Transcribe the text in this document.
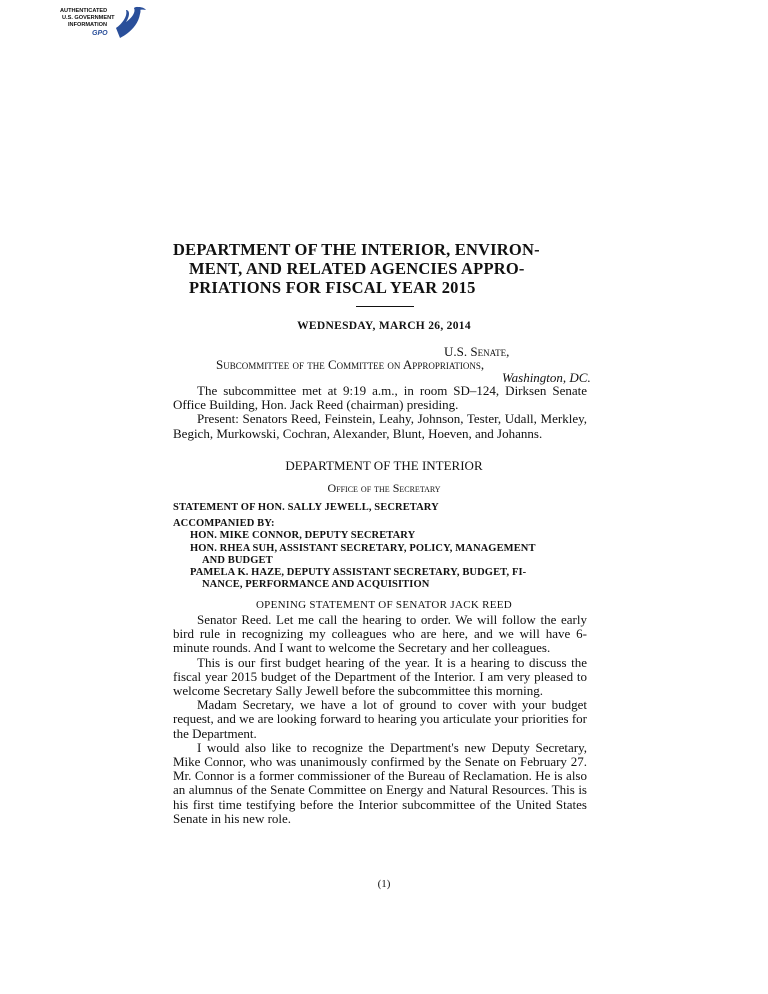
AUTHENTICATED
U.S. GOVERNMENT
INFORMATION
GPO
DEPARTMENT OF THE INTERIOR, ENVIRON-
MENT, AND RELATED AGENCIES APPRO-
PRIATIONS FOR FISCAL YEAR 2015
WEDNESDAY, MARCH 26, 2014
U.S. Senate,
Subcommittee of the Committee on Appropriations,
Washington, DC.
The subcommittee met at 9:19 a.m., in room SD–124, Dirksen Senate Office Building, Hon. Jack Reed (chairman) presiding.
Present: Senators Reed, Feinstein, Leahy, Johnson, Tester, Udall, Merkley, Begich, Murkowski, Cochran, Alexander, Blunt, Hoeven, and Johanns.
DEPARTMENT OF THE INTERIOR
Office of the Secretary
STATEMENT OF HON. SALLY JEWELL, SECRETARY
ACCOMPANIED BY:
HON. MIKE CONNOR, DEPUTY SECRETARY
HON. RHEA SUH, ASSISTANT SECRETARY, POLICY, MANAGEMENT
AND BUDGET
PAMELA K. HAZE, DEPUTY ASSISTANT SECRETARY, BUDGET, FI-
NANCE, PERFORMANCE AND ACQUISITION
OPENING STATEMENT OF SENATOR JACK REED
Senator Reed. Let me call the hearing to order. We will follow the early bird rule in recognizing my colleagues who are here, and we will have 6-minute rounds. And I want to welcome the Secretary and her colleagues.
This is our first budget hearing of the year. It is a hearing to discuss the fiscal year 2015 budget of the Department of the Interior. I am very pleased to welcome Secretary Sally Jewell before the subcommittee this morning.
Madam Secretary, we have a lot of ground to cover with your budget request, and we are looking forward to hearing you articulate your priorities for the Department.
I would also like to recognize the Department's new Deputy Secretary, Mike Connor, who was unanimously confirmed by the Senate on February 27. Mr. Connor is a former commissioner of the Bureau of Reclamation. He is also an alumnus of the Senate Committee on Energy and Natural Resources. This is his first time testifying before the Interior subcommittee of the United States Senate in his new role.
(1)
